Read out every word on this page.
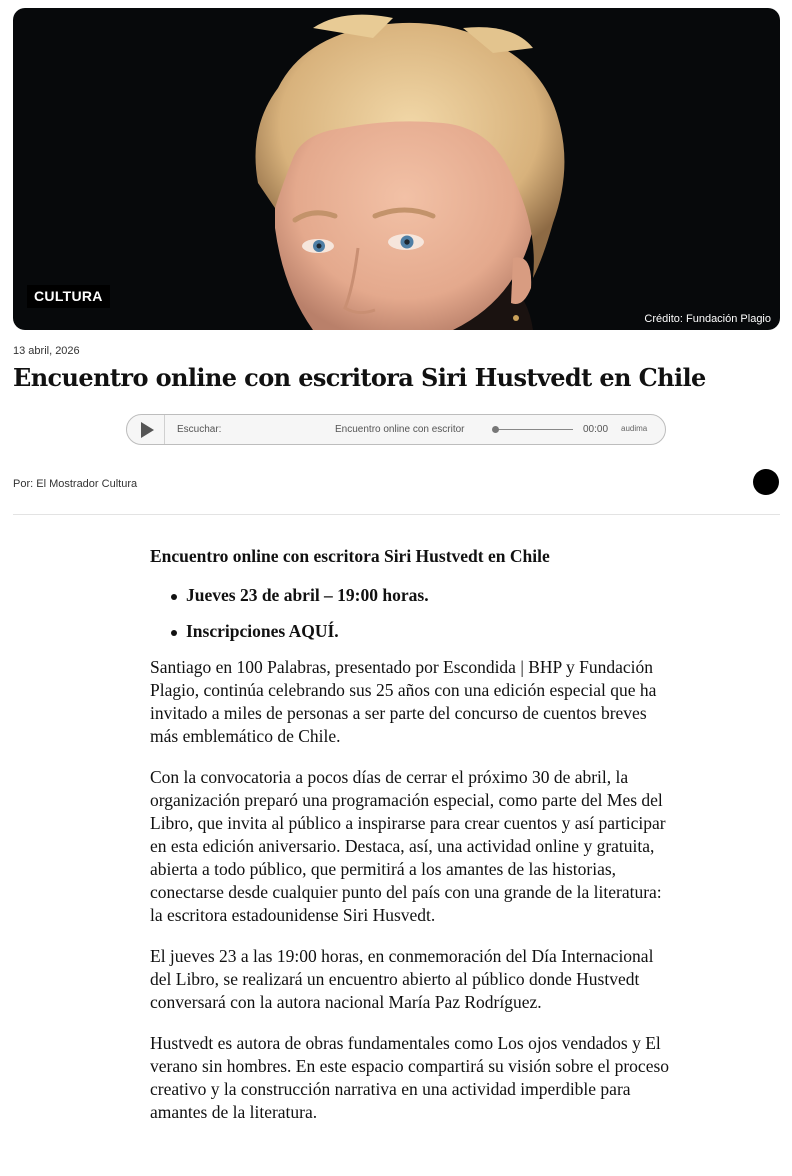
CULTURA
Crédito: Fundación Plagio
13 abril, 2026
Encuentro online con escritora Siri Hustvedt en Chile
Escuchar:	Encuentro online con escritor	00:00 audima
Por: El Mostrador Cultura
Encuentro online con escritora Siri Hustvedt en Chile
Jueves 23 de abril – 19:00 horas.
Inscripciones AQUÍ.

Santiago en 100 Palabras, presentado por Escondida | BHP y Fundación Plagio, continúa celebrando sus 25 años con una edición especial que ha invitado a miles de personas a ser parte del concurso de cuentos breves más emblemático de Chile.

Con la convocatoria a pocos días de cerrar el próximo 30 de abril, la organización preparó una programación especial, como parte del Mes del Libro, que invita al público a inspirarse para crear cuentos y así participar en esta edición aniversario. Destaca, así, una actividad online y gratuita, abierta a todo público, que permitirá a los amantes de las historias, conectarse desde cualquier punto del país con una grande de la literatura: la escritora estadounidense Siri Husvedt.

El jueves 23 a las 19:00 horas, en conmemoración del Día Internacional del Libro, se realizará un encuentro abierto al público donde Hustvedt conversará con la autora nacional María Paz Rodríguez.

Hustvedt es autora de obras fundamentales como Los ojos vendados y El verano sin hombres. En este espacio compartirá su visión sobre el proceso creativo y la construcción narrativa en una actividad imperdible para amantes de la literatura.
